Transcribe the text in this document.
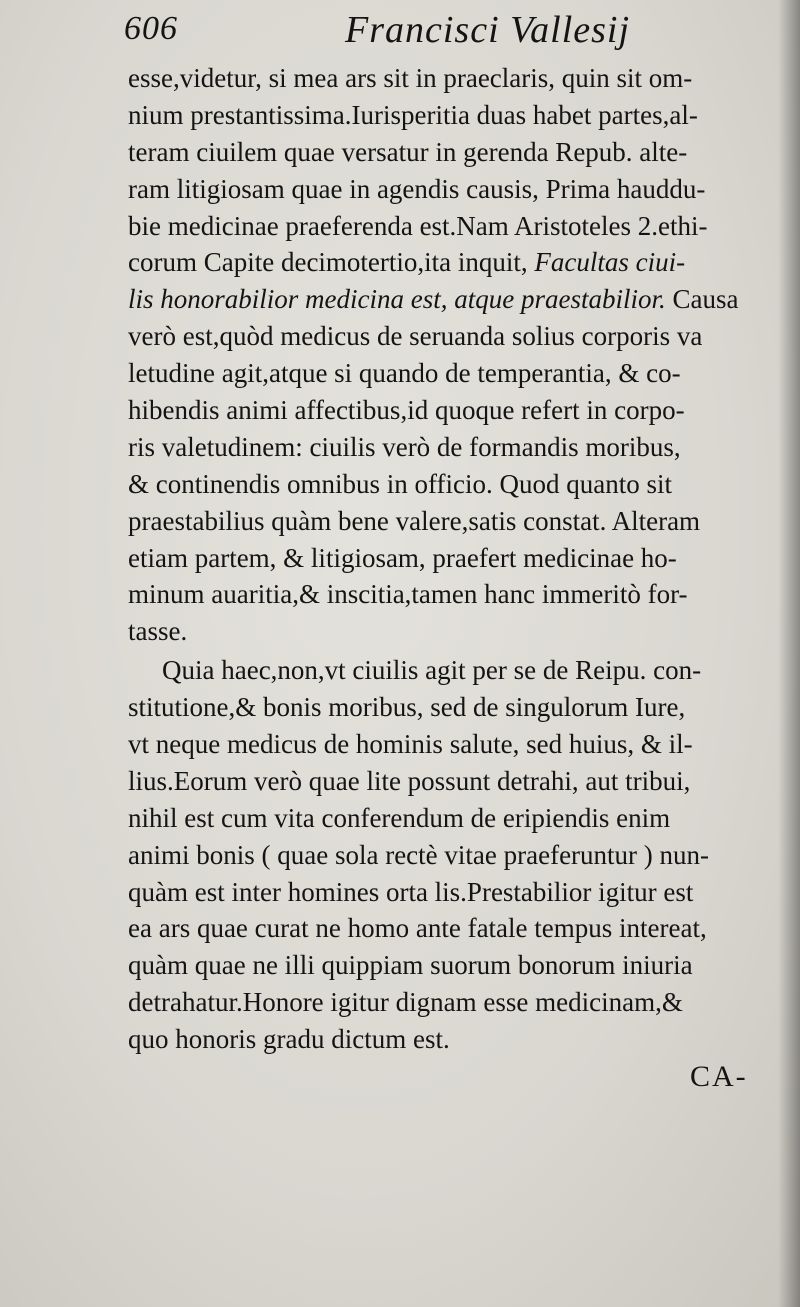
606	Francisci Vallesij
esse,videtur, si mea ars sit in praeclaris, quin sit om-
nium prestantissima.Iurisperitia duas habet partes,al-
teram ciuilem quae versatur in gerenda Repub. alte-
ram litigiosam quae in agendis causis, Prima hauddu-
bie medicinae praeferenda est.Nam Aristoteles 2.ethi-
corum Capite decimotertio,ita inquit, Facultas ciui-
lis honorabilior medicina est, atque praestabilior. Causa
verò est,quòd medicus de seruanda solius corporis va
letudine agit,atque si quando de temperantia, & co-
hibendis animi affectibus,id quoque refert in corpo-
ris valetudinem: ciuilis verò de formandis moribus,
& continendis omnibus in officio. Quod quanto sit
praestabilius quàm bene valere,satis constat. Alteram
etiam partem, & litigiosam, praefert medicinae ho-
minum auaritia,& inscitia,tamen hanc immeritò for-
tasse.
Quia haec,non,vt ciuilis agit per se de Reipu. con-
stitutione,& bonis moribus, sed de singulorum Iure,
vt neque medicus de hominis salute, sed huius, & il-
lius.Eorum verò quae lite possunt detrahi, aut tribui,
nihil est cum vita conferendum de eripiendis enim
animi bonis ( quae sola rectè vitae praeferuntur ) nun-
quàm est inter homines orta lis.Prestabilior igitur est
ea ars quae curat ne homo ante fatale tempus intereat,
quàm quae ne illi quippiam suorum bonorum iniuria
detrahatur.Honore igitur dignam esse medicinam,&
quo honoris gradu dictum est.
CA-
